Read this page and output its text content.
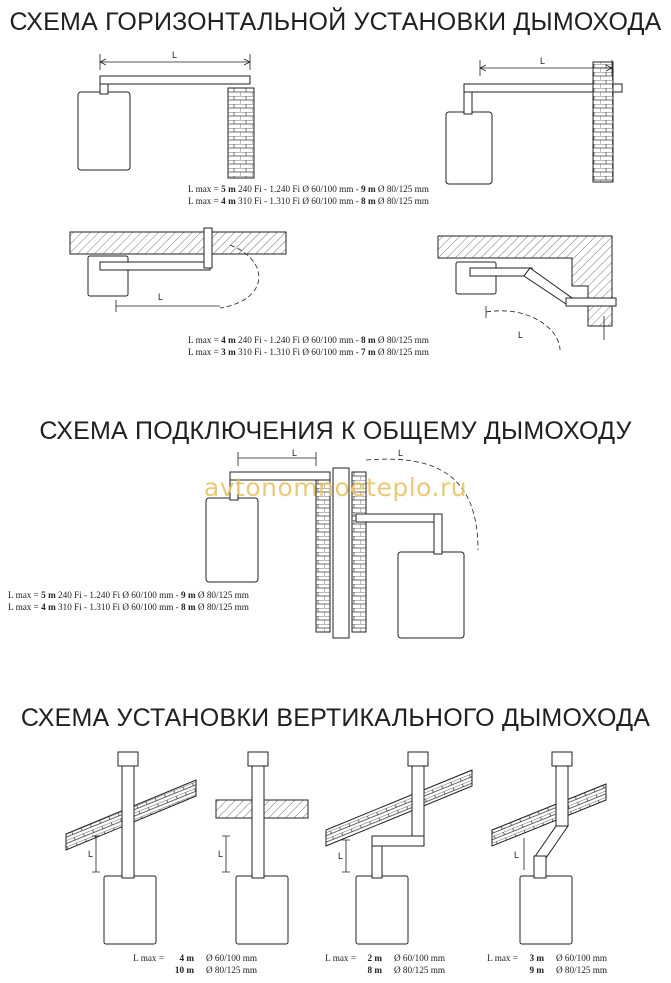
СХЕМА ГОРИЗОНТАЛЬНОЙ УСТАНОВКИ ДЫМОХОДА
СХЕМА ПОДКЛЮЧЕНИЯ К ОБЩЕМУ ДЫМОХОДУ
СХЕМА УСТАНОВКИ ВЕРТИКАЛЬНОГО ДЫМОХОДА
L
L
L
L
L	L
L	L	L	L
avtonomnoeteplo.ru
L max = 5 m 240 Fi - 1.240 Fi Ø 60/100 mm - 9 m Ø 80/125 mm
L max = 4 m 310 Fi - 1.310 Fi Ø 60/100 mm - 8 m Ø 80/125 mm
L max = 4 m 240 Fi - 1.240 Fi Ø 60/100 mm - 8 m Ø 80/125 mm
L max = 3 m 310 Fi - 1.310 Fi Ø 60/100 mm - 7 m Ø 80/125 mm
L max = 5 m 240 Fi - 1.240 Fi Ø 60/100 mm - 9 m Ø 80/125 mm
L max = 4 m 310 Fi - 1.310 Fi Ø 60/100 mm - 8 m Ø 80/125 mm
L max =	4 m Ø 60/100 mm
10 m Ø 80/125 mm
L max =	2 m Ø 60/100 mm
8 m Ø 80/125 mm
L max =	3 m Ø 60/100 mm
9 m Ø 80/125 mm
